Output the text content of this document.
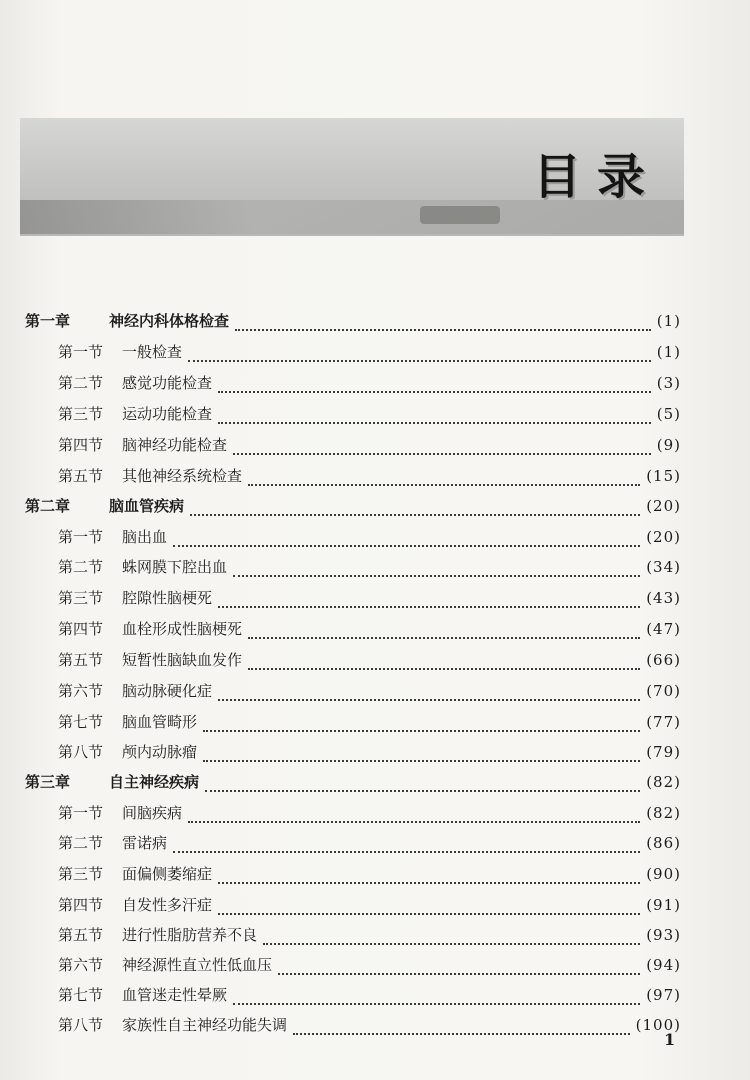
目录
第一章	神经内科体格检查	(1)
第一节	一般检查	(1)
第二节	感觉功能检查	(3)
第三节	运动功能检查	(5)
第四节	脑神经功能检查	(9)
第五节	其他神经系统检查	(15)
第二章	脑血管疾病	(20)
第一节	脑出血	(20)
第二节	蛛网膜下腔出血	(34)
第三节	腔隙性脑梗死	(43)
第四节	血栓形成性脑梗死	(47)
第五节	短暂性脑缺血发作	(66)
第六节	脑动脉硬化症	(70)
第七节	脑血管畸形	(77)
第八节	颅内动脉瘤	(79)
第三章	自主神经疾病	(82)
第一节	间脑疾病	(82)
第二节	雷诺病	(86)
第三节	面偏侧萎缩症	(90)
第四节	自发性多汗症	(91)
第五节	进行性脂肪营养不良	(93)
第六节	神经源性直立性低血压	(94)
第七节	血管迷走性晕厥	(97)
第八节	家族性自主神经功能失调	(100)
1
